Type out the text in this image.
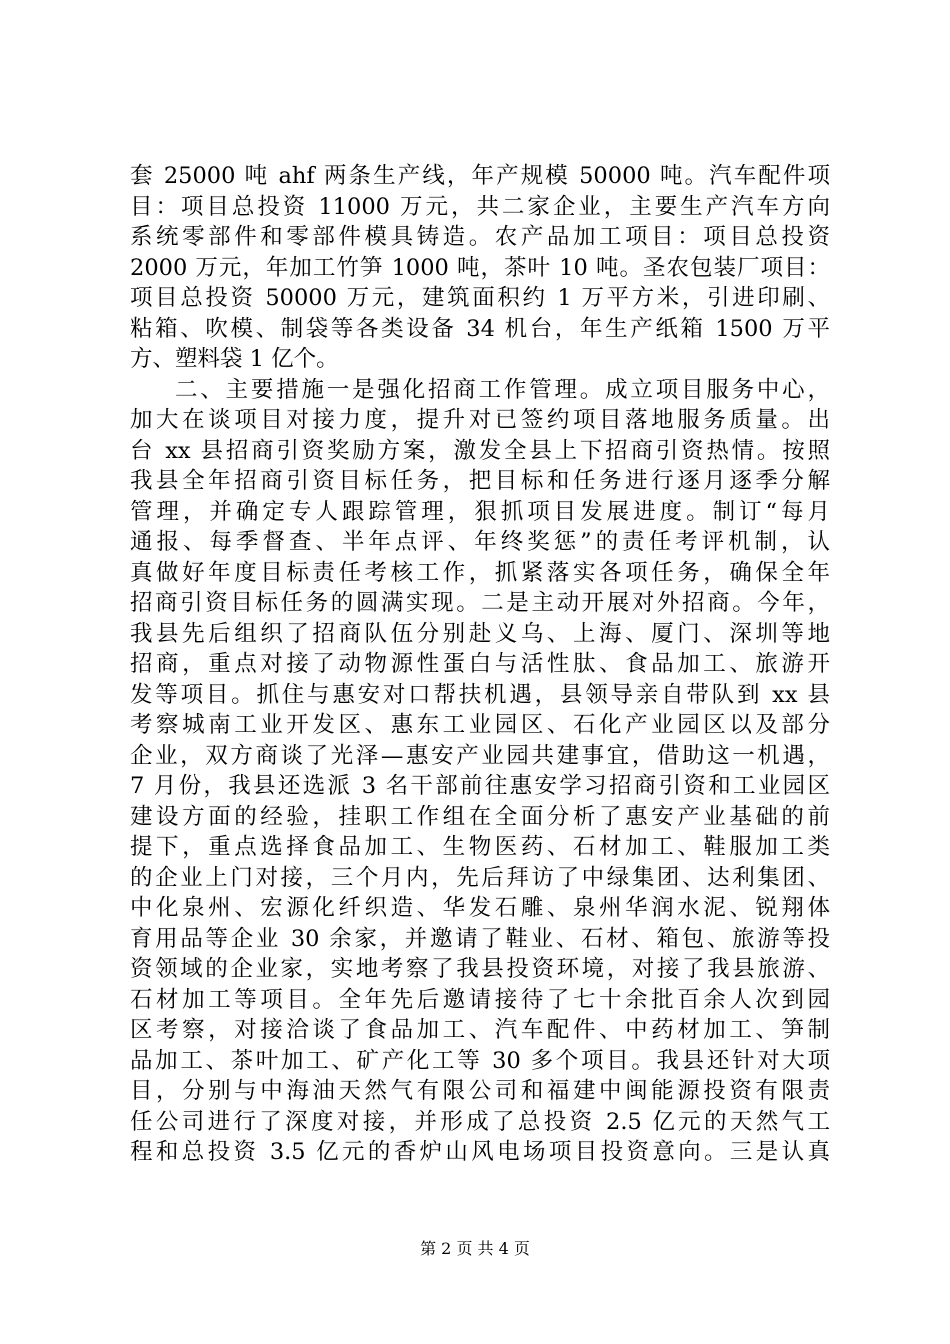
套 25000 吨 ahf 两条生产线，年产规模 50000 吨。汽车配件项
目：项目总投资 11000 万元，共二家企业，主要生产汽车方向
系统零部件和零部件模具铸造。农产品加工项目：项目总投资
2000 万元，年加工竹笋 1000 吨，茶叶 10 吨。圣农包装厂项目：
项目总投资 50000 万元，建筑面积约 1 万平方米，引进印刷、
粘箱、吹模、制袋等各类设备 34 机台，年生产纸箱 1500 万平
方、塑料袋 1 亿个。
二、主要措施一是强化招商工作管理。成立项目服务中心，
加大在谈项目对接力度，提升对已签约项目落地服务质量。出
台 xx 县招商引资奖励方案，激发全县上下招商引资热情。按照
我县全年招商引资目标任务，把目标和任务进行逐月逐季分解
管理，并确定专人跟踪管理，狠抓项目发展进度。制订“每月
通报、每季督查、半年点评、年终奖惩”的责任考评机制，认
真做好年度目标责任考核工作，抓紧落实各项任务，确保全年
招商引资目标任务的圆满实现。二是主动开展对外招商。今年，
我县先后组织了招商队伍分别赴义乌、上海、厦门、深圳等地
招商，重点对接了动物源性蛋白与活性肽、食品加工、旅游开
发等项目。抓住与惠安对口帮扶机遇，县领导亲自带队到 xx 县
考察城南工业开发区、惠东工业园区、石化产业园区以及部分
企业，双方商谈了光泽—惠安产业园共建事宜，借助这一机遇，
7 月份，我县还选派 3 名干部前往惠安学习招商引资和工业园区
建设方面的经验，挂职工作组在全面分析了惠安产业基础的前
提下，重点选择食品加工、生物医药、石材加工、鞋服加工类
的企业上门对接，三个月内，先后拜访了中绿集团、达利集团、
中化泉州、宏源化纤织造、华发石雕、泉州华润水泥、锐翔体
育用品等企业 30 余家，并邀请了鞋业、石材、箱包、旅游等投
资领域的企业家，实地考察了我县投资环境，对接了我县旅游、
石材加工等项目。全年先后邀请接待了七十余批百余人次到园
区考察，对接洽谈了食品加工、汽车配件、中药材加工、笋制
品加工、茶叶加工、矿产化工等 30 多个项目。我县还针对大项
目，分别与中海油天然气有限公司和福建中闽能源投资有限责
任公司进行了深度对接，并形成了总投资 2.5 亿元的天然气工
程和总投资 3.5 亿元的香炉山风电场项目投资意向。三是认真
第 2 页 共 4 页
